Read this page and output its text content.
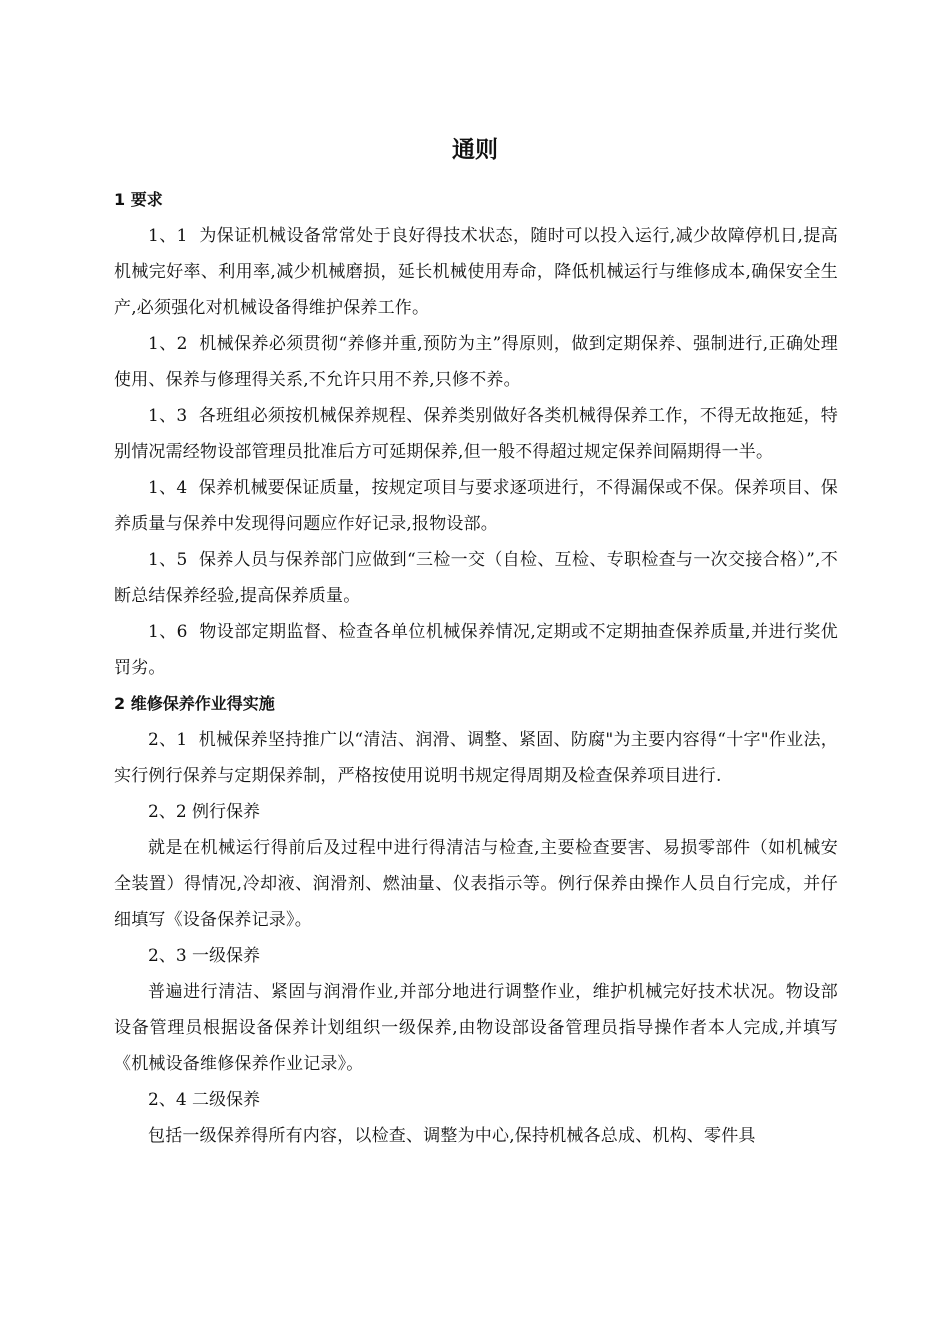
通则
1 要求
1、1  为保证机械设备常常处于良好得技术状态，随时可以投入运行,减少故障停机日,提高机械完好率、利用率,减少机械磨损，延长机械使用寿命，降低机械运行与维修成本,确保安全生产,必须强化对机械设备得维护保养工作。
1、2  机械保养必须贯彻“养修并重,预防为主”得原则，做到定期保养、强制进行,正确处理使用、保养与修理得关系,不允许只用不养,只修不养。
1、3  各班组必须按机械保养规程、保养类别做好各类机械得保养工作，不得无故拖延，特别情况需经物设部管理员批准后方可延期保养,但一般不得超过规定保养间隔期得一半。
1、4  保养机械要保证质量，按规定项目与要求逐项进行，不得漏保或不保。保养项目、保养质量与保养中发现得问题应作好记录,报物设部。
1、5  保养人员与保养部门应做到“三检一交（自检、互检、专职检查与一次交接合格）”,不断总结保养经验,提高保养质量。
1、6  物设部定期监督、检查各单位机械保养情况,定期或不定期抽查保养质量,并进行奖优罚劣。
2 维修保养作业得实施
2、1  机械保养坚持推广以“清洁、润滑、调整、紧固、防腐"为主要内容得“十字"作业法，实行例行保养与定期保养制，严格按使用说明书规定得周期及检查保养项目进行.
2、2 例行保养
就是在机械运行得前后及过程中进行得清洁与检查,主要检查要害、易损零部件（如机械安全装置）得情况,冷却液、润滑剂、燃油量、仪表指示等。例行保养由操作人员自行完成，并仔细填写《设备保养记录》。
2、3 一级保养
普遍进行清洁、紧固与润滑作业,并部分地进行调整作业，维护机械完好技术状况。物设部设备管理员根据设备保养计划组织一级保养,由物设部设备管理员指导操作者本人完成,并填写《机械设备维修保养作业记录》。
2、4 二级保养
包括一级保养得所有内容，以检查、调整为中心,保持机械各总成、机构、零件具
